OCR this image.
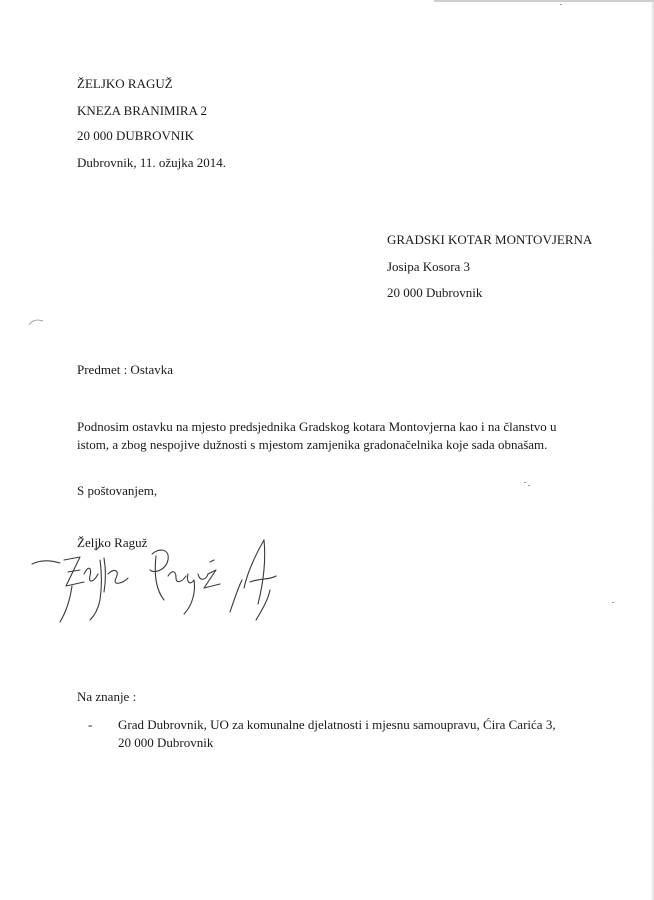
ŽELJKO RAGUŽ
KNEZA BRANIMIRA 2
20 000 DUBROVNIK
Dubrovnik, 11. ožujka 2014.
GRADSKI KOTAR MONTOVJERNA
Josipa Kosora 3
20 000 Dubrovnik
Predmet : Ostavka
Podnosim ostavku na mjesto predsjednika Gradskog kotara Montovjerna kao i na članstvo u istom, a zbog nespojive dužnosti s mjestom zamjenika gradonačelnika koje sada obnašam.
S poštovanjem,
Željko Raguž
Na znanje :
- Grad Dubrovnik, UO za komunalne djelatnosti i mjesnu samoupravu, Ćira Carića 3, 20 000 Dubrovnik
